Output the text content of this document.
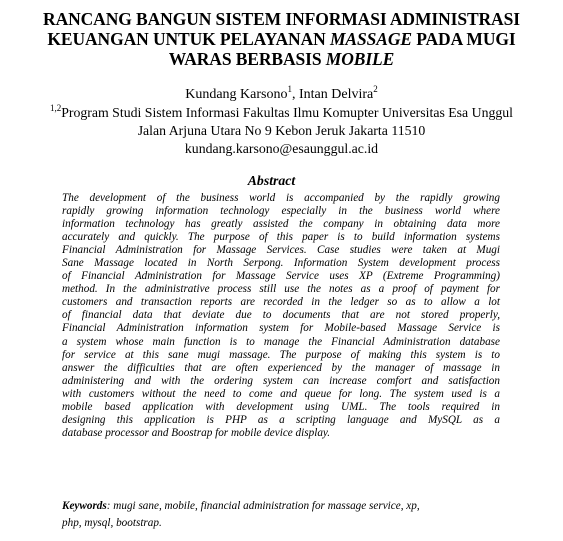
RANCANG BANGUN SISTEM INFORMASI ADMINISTRASI
KEUANGAN UNTUK PELAYANAN MASSAGE PADA MUGI
WARAS BERBASIS MOBILE
Kundang Karsono$^1$, Intan Delvira$^2$
$^{1,2}$Program Studi Sistem Informasi Fakultas Ilmu Komupter Universitas Esa Unggul
Jalan Arjuna Utara No 9 Kebon Jeruk Jakarta 11510
kundang.karsono@esaunggul.ac.id
Abstract
The development of the business world is accompanied by the rapidly growing
rapidly growing information technology especially in the business world where
information technology has greatly assisted the company in obtaining data more
accurately and quickly. The purpose of this paper is to build information systems
Financial Administration for Massage Services. Case studies were taken at Mugi
Sane Massage located in North Serpong. Information System development process
of Financial Administration for Massage Service uses XP (Extreme Programming)
method. In the administrative process still use the notes as a proof of payment for
customers and transaction reports are recorded in the ledger so as to allow a lot
of financial data that deviate due to documents that are not stored properly,
Financial Administration information system for Mobile-based Massage Service is
a system whose main function is to manage the Financial Administration database
for service at this sane mugi massage. The purpose of making this system is to
answer the difficulties that are often experienced by the manager of massage in
administering and with the ordering system can increase comfort and satisfaction
with customers without the need to come and queue for long. The system used is a
mobile based application with development using UML. The tools required in
designing this application is PHP as a scripting language and MySQL as a
database processor and Boostrap for mobile device display.
Keywords: mugi sane, mobile, financial administration for massage service, xp,
php, mysql, bootstrap.
